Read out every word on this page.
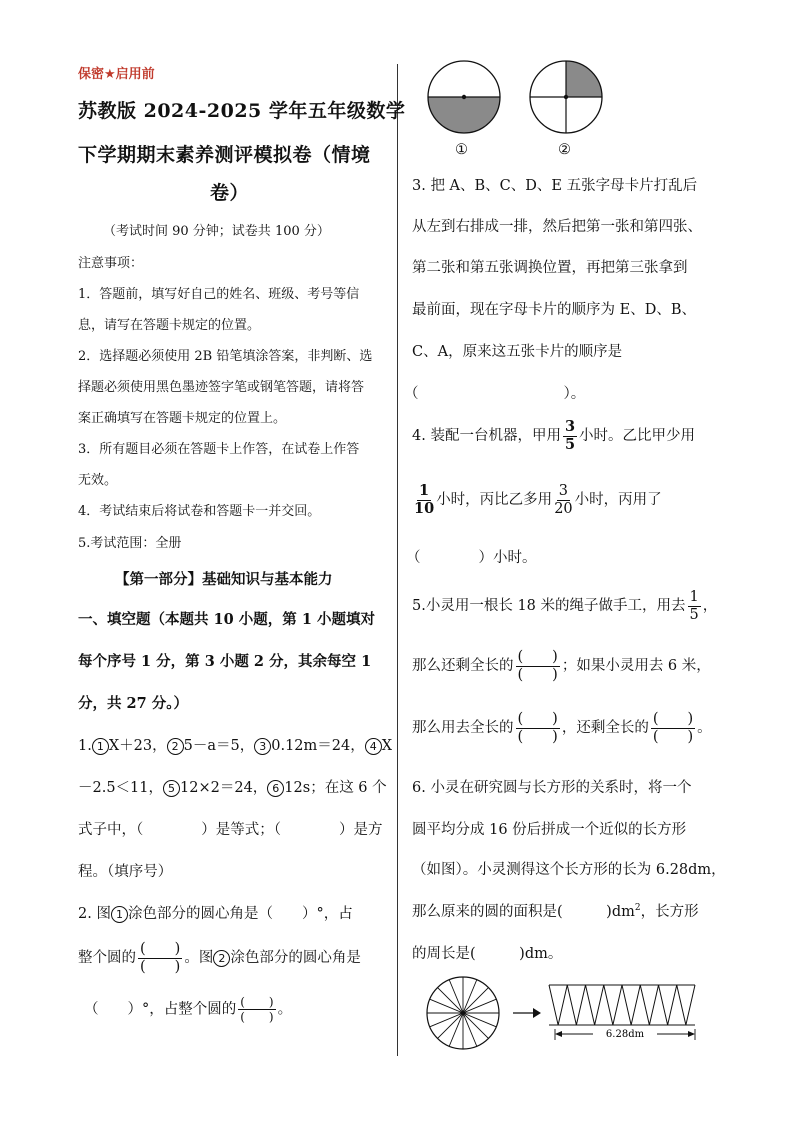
保密★启用前
苏教版 2024-2025 学年五年级数学
下学期期末素养测评模拟卷（情境
卷）
（考试时间 90 分钟；试卷共 100 分）
注意事项：
1．答题前，填写好自己的姓名、班级、考号等信
息，请写在答题卡规定的位置。
2．选择题必须使用 2B 铅笔填涂答案，非判断、选
择题必须使用黑色墨迹签字笔或钢笔答题，请将答
案正确填写在答题卡规定的位置上。
3．所有题目必须在答题卡上作答，在试卷上作答
无效。
4．考试结束后将试卷和答题卡一并交回。
5.考试范围：全册
【第一部分】基础知识与基本能力
一、填空题（本题共 10 小题，第 1 小题填对
每个序号 1 分，第 3 小题 2 分，其余每空 1
分，共 27 分。）
1. 1 X＋23， 2 5－a＝5， 3 0.12m＝24， 4 X
－2.5＜11， 5 12×2＝24， 6 12s；在这 6 个
式子中，（　　　　）是等式；（　　　　）是方
程。（填序号）
2. 图 1 涂色部分的圆心角是（　　）°，占
整个圆的 $\frac{( )}{( )}$ 。图 2 涂色部分的圆心角是
（　　）°，占整个圆的 $\frac{( )}{( )}$ 。
①	②
3. 把 A、B、C、D、E 五张字母卡片打乱后
从左到右排成一排，然后把第一张和第四张、
第二张和第五张调换位置，再把第三张拿到
最前面，现在字母卡片的顺序为 E、D、B、
C、A，原来这五张卡片的顺序是
（　　　　　　　　　　）。
4. 装配一台机器，甲用 $\frac{3}{5}$ 小时。乙比甲少用
$\frac{1}{10}$ 小时，丙比乙多用 $\frac{3}{20}$ 小时，丙用了
（　　　　）小时。
5.小灵用一根长 18 米的绳子做手工，用去 $\frac{1}{5}$ ，
那么还剩全长的 $\frac{( )}{( )}$ ；如果小灵用去 6 米，
那么用去全长的 $\frac{( )}{( )}$ ，还剩全长的 $\frac{( )}{( )}$ 。
6. 小灵在研究圆与长方形的关系时，将一个
圆平均分成 16 份后拼成一个近似的长方形
（如图）。小灵测得这个长方形的长为 6.28dm，
那么原来的圆的面积是(　　　)$dm^2$，长方形
的周长是(　　　)dm。
6.28dm
